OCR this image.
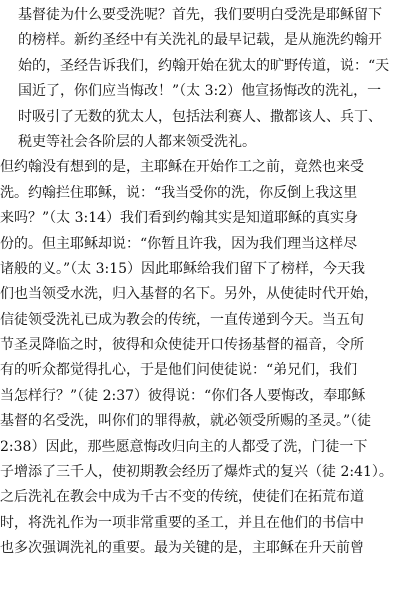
基督徒为什么要受洗呢？首先，我们要明白受洗是耶稣留下
的榜样。新约圣经中有关洗礼的最早记载，是从施洗约翰开
始的，圣经告诉我们，约翰开始在犹太的旷野传道，说：“天
国近了，你们应当悔改！”（太 3:2）他宣扬悔改的洗礼，一
时吸引了无数的犹太人，包括法利赛人、撒都该人、兵丁、
税吏等社会各阶层的人都来领受洗礼。
但约翰没有想到的是，主耶稣在开始作工之前，竟然也来受
洗。约翰拦住耶稣，说：“我当受你的洗，你反倒上我这里
来吗？”（太 3:14）我们看到约翰其实是知道耶稣的真实身
份的。但主耶稣却说：“你暂且许我，因为我们理当这样尽
诸般的义。”（太 3:15）因此耶稣给我们留下了榜样，今天我
们也当领受水洗，归入基督的名下。另外，从使徒时代开始，
信徒领受洗礼已成为教会的传统，一直传递到今天。当五旬
节圣灵降临之时，彼得和众使徒开口传扬基督的福音，令所
有的听众都觉得扎心，于是他们问使徒说：“弟兄们，我们
当怎样行？”（徒 2:37）彼得说：“你们各人要悔改，奉耶稣
基督的名受洗，叫你们的罪得赦，就必领受所赐的圣灵。”（徒
2:38）因此，那些愿意悔改归向主的人都受了洗，门徒一下
子增添了三千人，使初期教会经历了爆炸式的复兴（徒 2:41）。
之后洗礼在教会中成为千古不变的传统，使徒们在拓荒布道
时，将洗礼作为一项非常重要的圣工，并且在他们的书信中
也多次强调洗礼的重要。最为关键的是，主耶稣在升天前曾
